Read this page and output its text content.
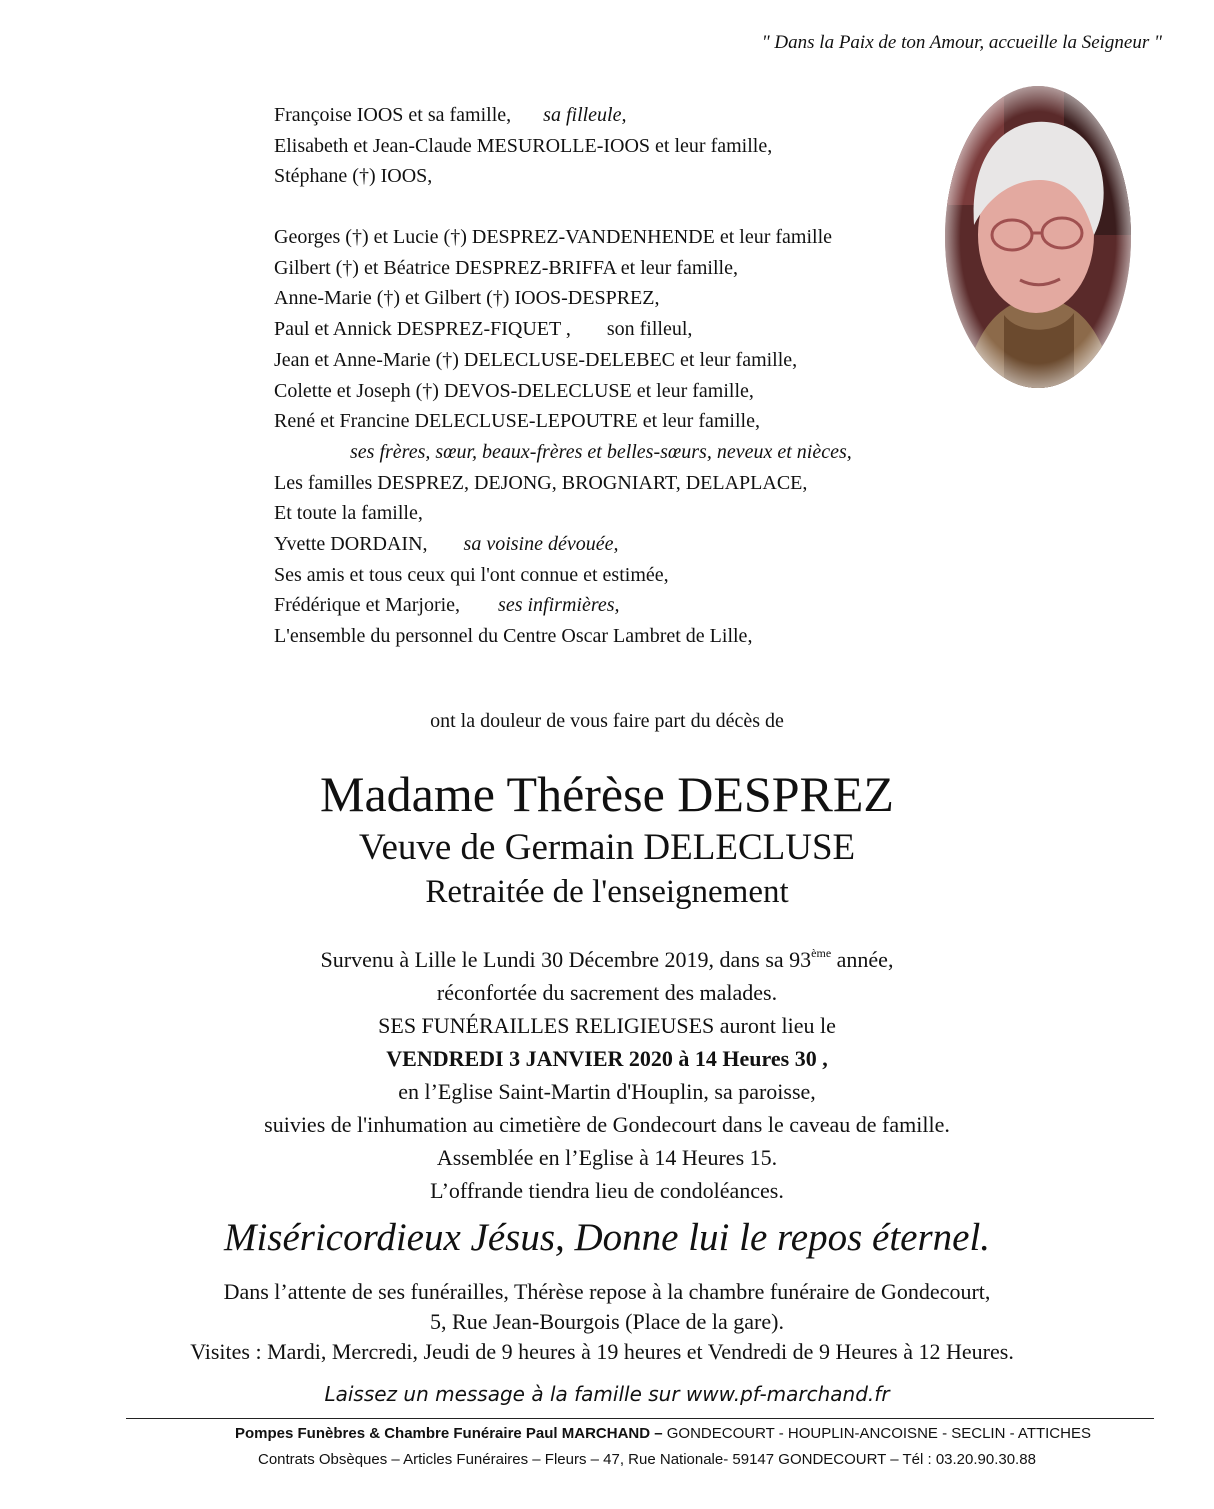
" Dans la Paix de ton Amour, accueille la Seigneur "
Françoise IOOS et sa famille, sa filleule,
Elisabeth et Jean-Claude MESUROLLE-IOOS et leur famille,
Stéphane (†) IOOS,
Georges (†) et Lucie (†) DESPREZ-VANDENHENDE et leur famille
Gilbert (†) et Béatrice DESPREZ-BRIFFA et leur famille,
Anne-Marie (†) et Gilbert (†) IOOS-DESPREZ,
Paul et Annick DESPREZ-FIQUET , son filleul,
Jean et Anne-Marie (†) DELECLUSE-DELEBEC et leur famille,
Colette et Joseph (†) DEVOS-DELECLUSE et leur famille,
René et Francine DELECLUSE-LEPOUTRE et leur famille,
ses frères, sœur, beaux-frères et belles-sœurs, neveux et nièces,
Les familles DESPREZ, DEJONG, BROGNIART, DELAPLACE,
Et toute la famille,
Yvette DORDAIN, sa voisine dévouée,
Ses amis et tous ceux qui l'ont connue et estimée,
Frédérique et Marjorie, ses infirmières,
L'ensemble du personnel du Centre Oscar Lambret de Lille,
ont la douleur de vous faire part du décès de
Madame Thérèse DESPREZ
Veuve de Germain DELECLUSE
Retraitée de l'enseignement
Survenu à Lille le Lundi 30 Décembre 2019, dans sa 93ème année,
réconfortée du sacrement des malades.
SES FUNÉRAILLES RELIGIEUSES auront lieu le
VENDREDI 3 JANVIER 2020 à 14 Heures 30 ,
en l’Eglise Saint-Martin d'Houplin, sa paroisse,
suivies de l'inhumation au cimetière de Gondecourt dans le caveau de famille.
Assemblée en l’Eglise à 14 Heures 15.
L’offrande tiendra lieu de condoléances.
Miséricordieux Jésus, Donne lui le repos éternel.
Dans l’attente de ses funérailles, Thérèse repose à la chambre funéraire de Gondecourt,
5, Rue Jean-Bourgois (Place de la gare).
Visites : Mardi, Mercredi, Jeudi de 9 heures à 19 heures et Vendredi de 9 Heures à 12 Heures.
Laissez un message à la famille sur www.pf-marchand.fr
Pompes Funèbres & Chambre Funéraire Paul MARCHAND – GONDECOURT - HOUPLIN-ANCOISNE - SECLIN - ATTICHES
Contrats Obsèques – Articles Funéraires – Fleurs – 47, Rue Nationale- 59147 GONDECOURT – Tél : 03.20.90.30.88
